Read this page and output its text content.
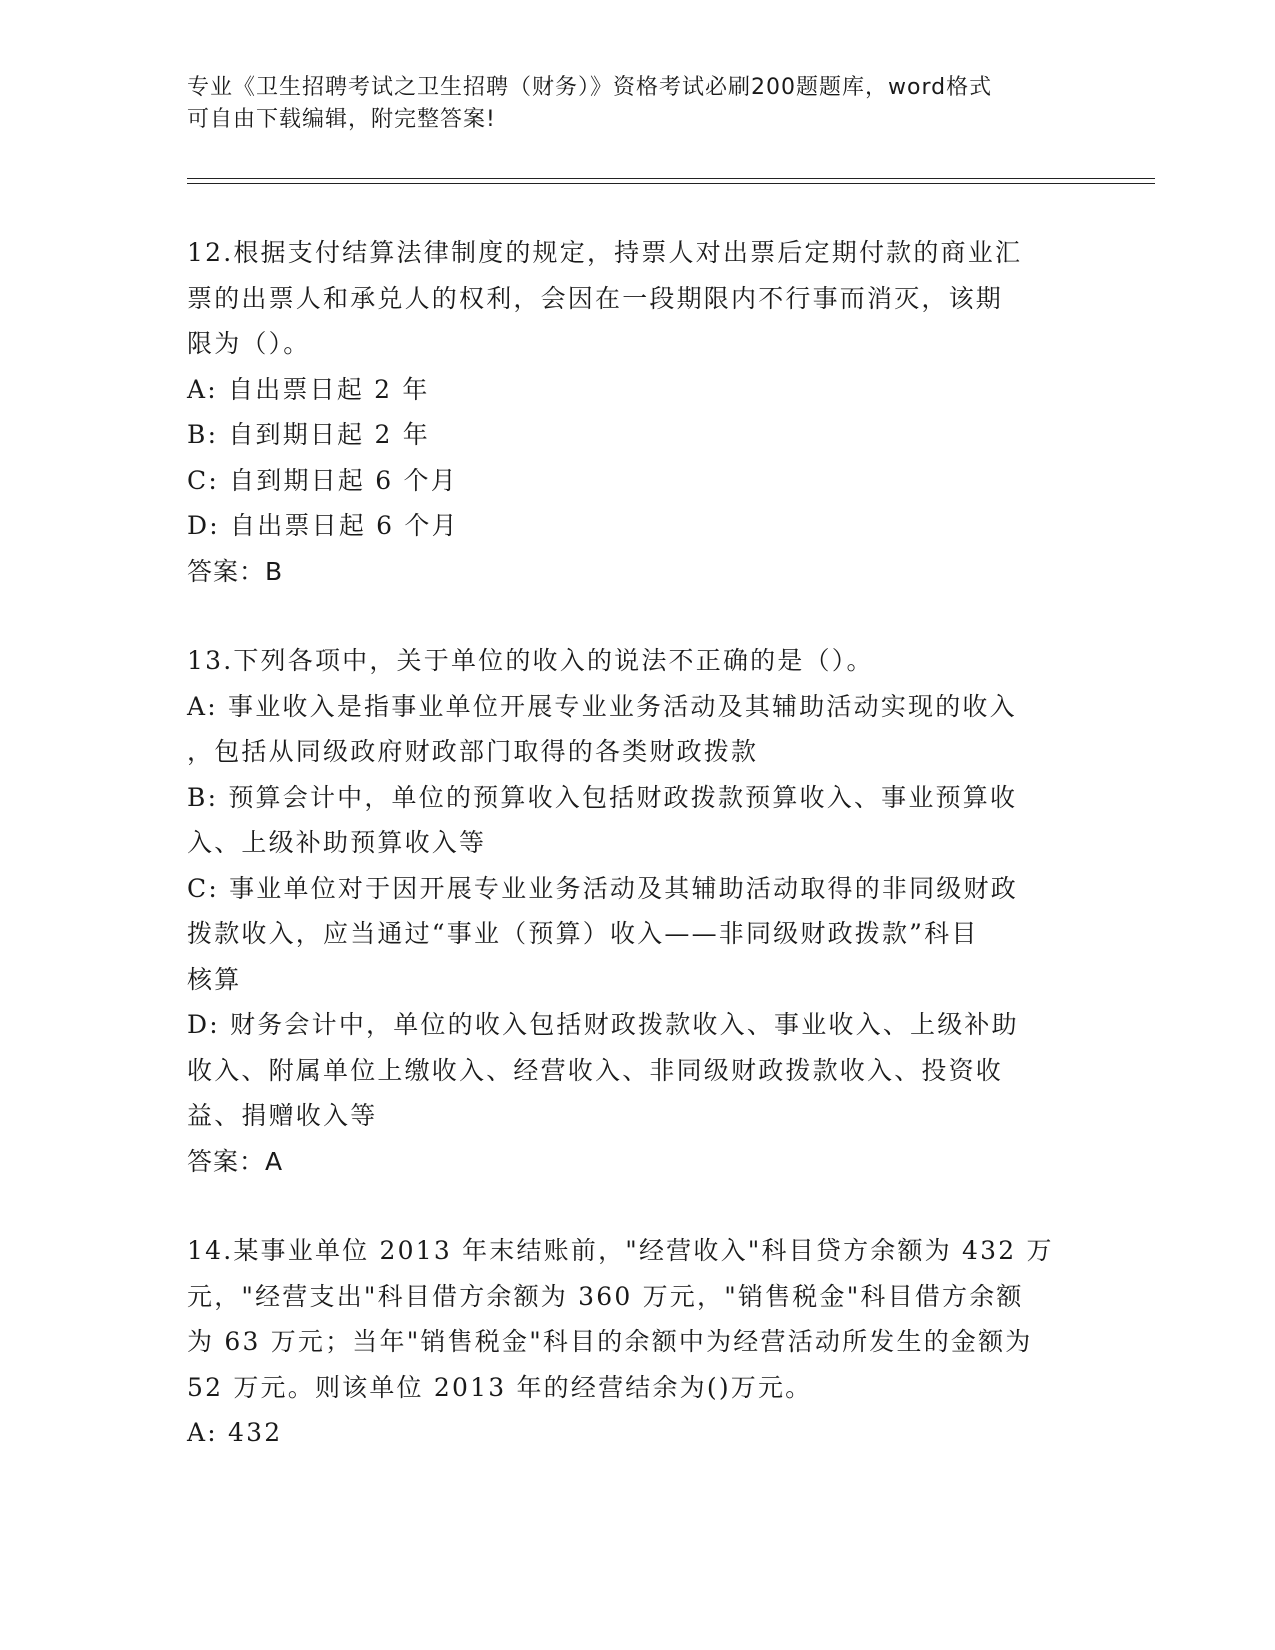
专业《卫生招聘考试之卫生招聘（财务）》资格考试必刷200题题库，word格式
可自由下载编辑，附完整答案!
12.根据支付结算法律制度的规定，持票人对出票后定期付款的商业汇
票的出票人和承兑人的权利，会因在一段期限内不行事而消灭，该期
限为（）。
A: 自出票日起 2 年
B: 自到期日起 2 年
C: 自到期日起 6 个月
D: 自出票日起 6 个月
答案：B
13.下列各项中，关于单位的收入的说法不正确的是（）。
A: 事业收入是指事业单位开展专业业务活动及其辅助活动实现的收入
，包括从同级政府财政部门取得的各类财政拨款
B: 预算会计中，单位的预算收入包括财政拨款预算收入、事业预算收
入、上级补助预算收入等
C: 事业单位对于因开展专业业务活动及其辅助活动取得的非同级财政
拨款收入，应当通过“事业（预算）收入——非同级财政拨款”科目
核算
D: 财务会计中，单位的收入包括财政拨款收入、事业收入、上级补助
收入、附属单位上缴收入、经营收入、非同级财政拨款收入、投资收
益、捐赠收入等
答案：A
14.某事业单位 2013 年末结账前，"经营收入"科目贷方余额为 432 万
元，"经营支出"科目借方余额为 360 万元，"销售税金"科目借方余额
为 63 万元；当年"销售税金"科目的余额中为经营活动所发生的金额为
52 万元。则该单位 2013 年的经营结余为()万元。
A: 432
